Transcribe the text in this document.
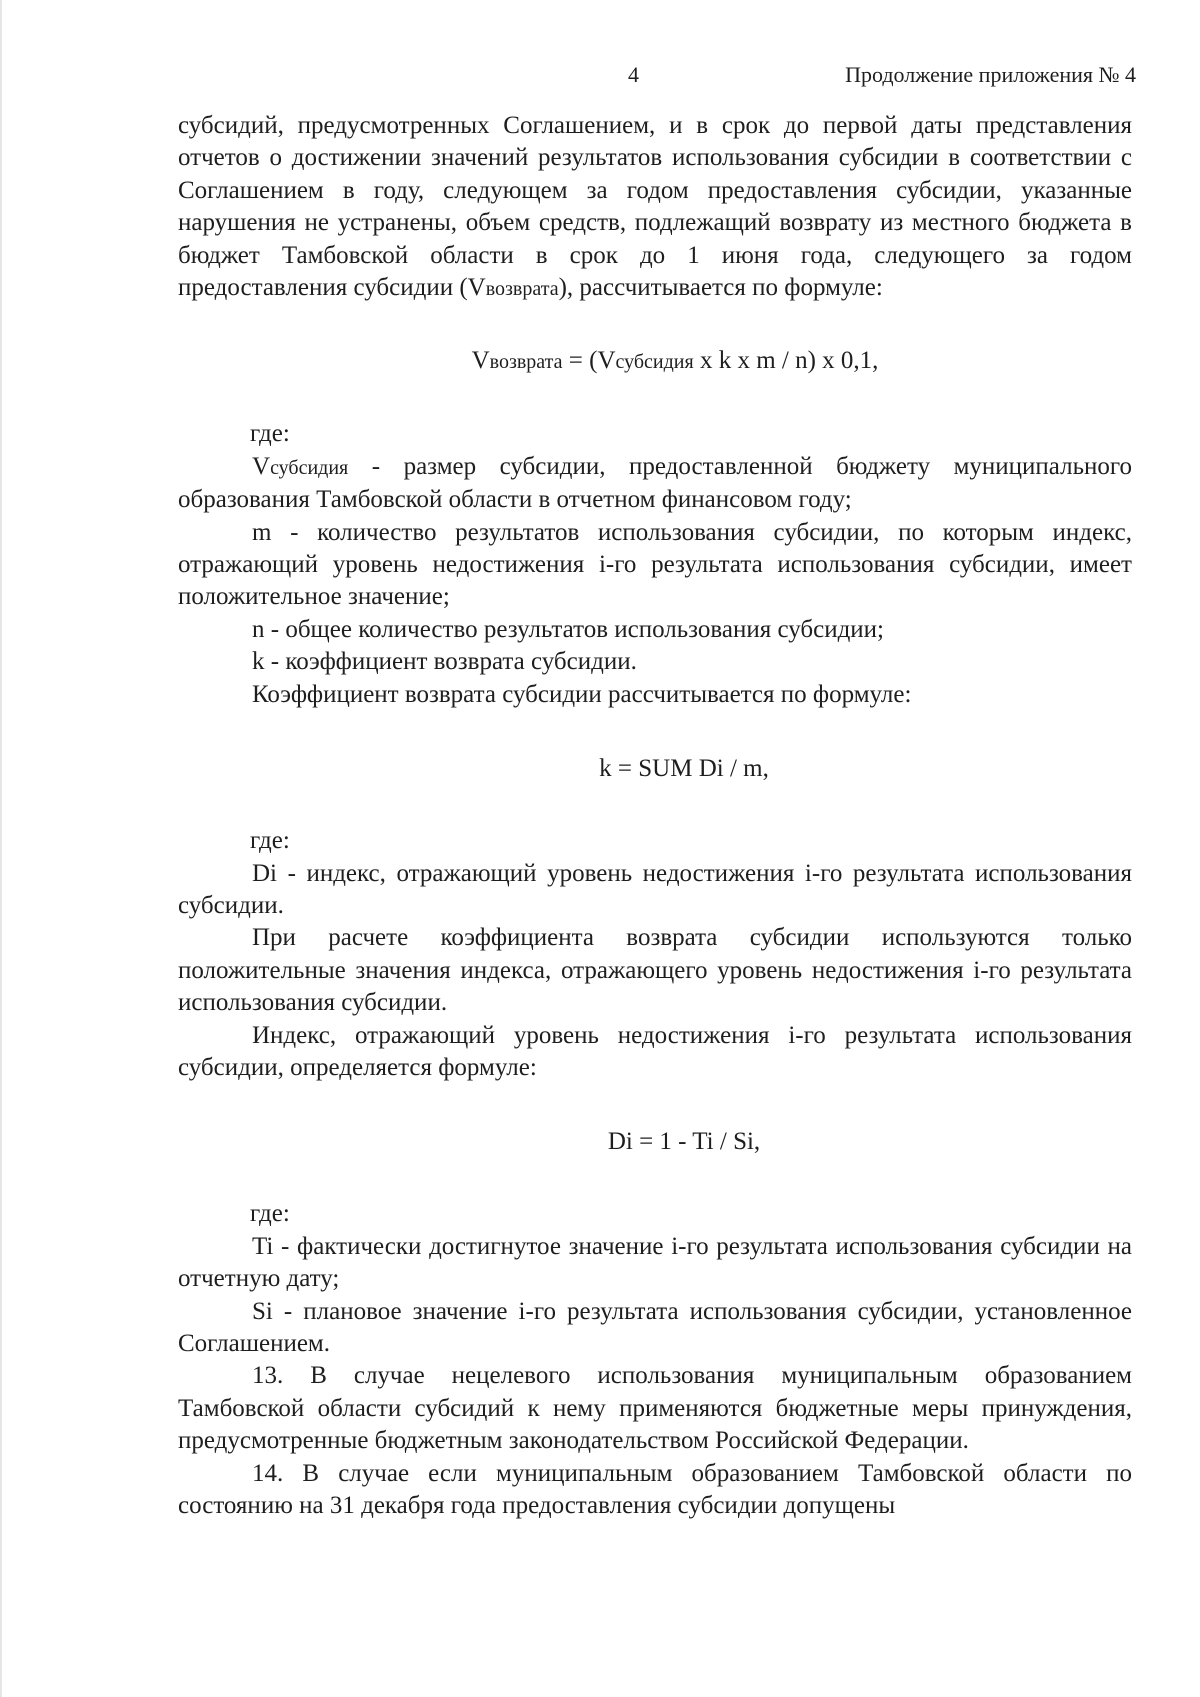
4	Продолжение приложения № 4

субсидий, предусмотренных Соглашением, и в срок до первой даты представления отчетов о достижении значений результатов использования субсидии в соответствии с Соглашением в году, следующем за годом предоставления субсидии, указанные нарушения не устранены, объем средств, подлежащий возврату из местного бюджета в бюджет Тамбовской области в срок до 1 июня года, следующего за годом предоставления субсидии (Vвозврата), рассчитывается по формуле:

Vвозврата = (Vсубсидия x k x m / n) x 0,1,

где:

Vсубсидия - размер субсидии, предоставленной бюджету муниципального образования Тамбовской области в отчетном финансовом году;

m - количество результатов использования субсидии, по которым индекс, отражающий уровень недостижения i-го результата использования субсидии, имеет положительное значение;

n - общее количество результатов использования субсидии;

k - коэффициент возврата субсидии.

Коэффициент возврата субсидии рассчитывается по формуле:

k = SUM Di / m,

где:

Di - индекс, отражающий уровень недостижения i-го результата использования субсидии.

При расчете коэффициента возврата субсидии используются только положительные значения индекса, отражающего уровень недостижения i-го результата использования субсидии.

Индекс, отражающий уровень недостижения i-го результата использования субсидии, определяется формуле:

Di = 1 - Ti / Si,

где:

Ti - фактически достигнутое значение i-го результата использования субсидии на отчетную дату;

Si - плановое значение i-го результата использования субсидии, установленное Соглашением.

13. В случае нецелевого использования муниципальным образованием Тамбовской области субсидий к нему применяются бюджетные меры принуждения, предусмотренные бюджетным законодательством Российской Федерации.

14. В случае если муниципальным образованием Тамбовской области по состоянию на 31 декабря года предоставления субсидии допущены
